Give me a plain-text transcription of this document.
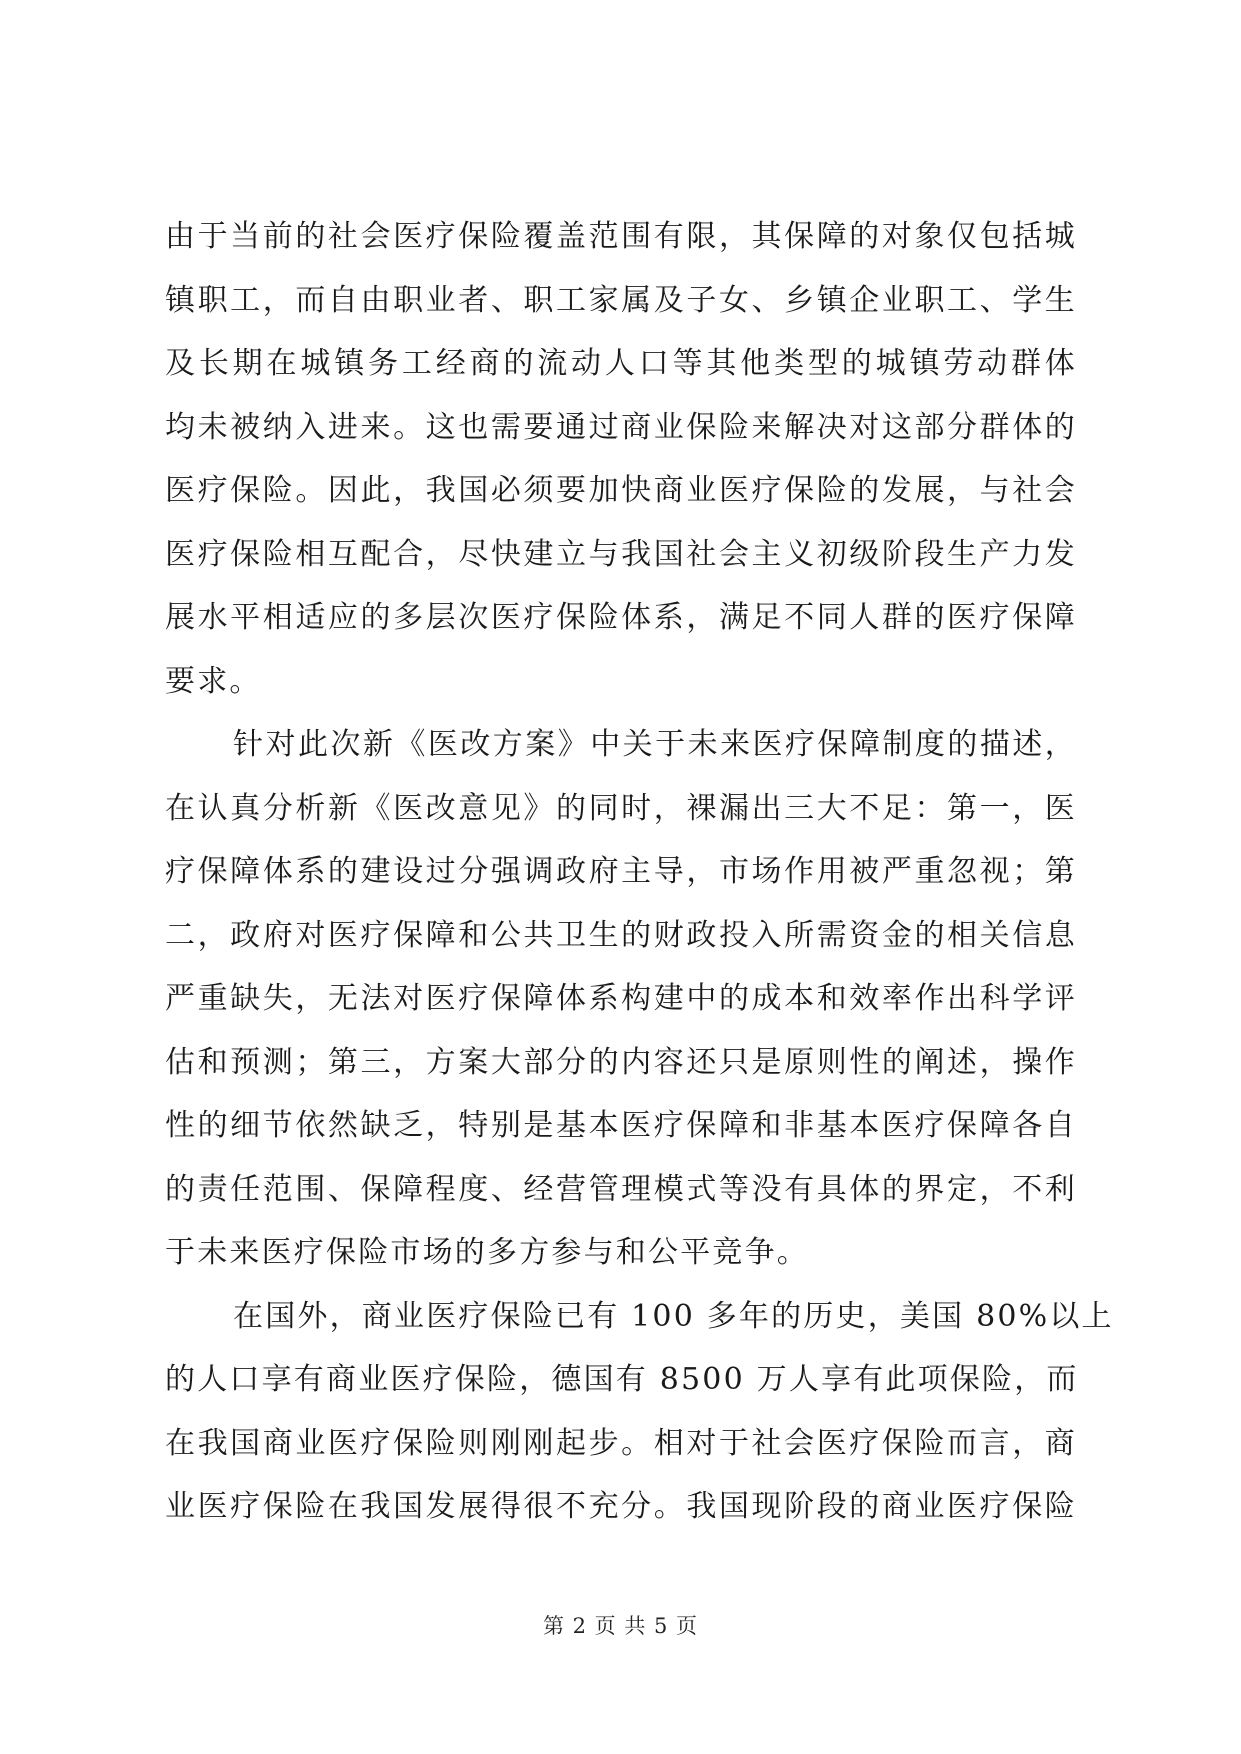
由于当前的社会医疗保险覆盖范围有限，其保障的对象仅包括城
镇职工，而自由职业者、职工家属及子女、乡镇企业职工、学生
及长期在城镇务工经商的流动人口等其他类型的城镇劳动群体
均未被纳入进来。这也需要通过商业保险来解决对这部分群体的
医疗保险。因此，我国必须要加快商业医疗保险的发展，与社会
医疗保险相互配合，尽快建立与我国社会主义初级阶段生产力发
展水平相适应的多层次医疗保险体系，满足不同人群的医疗保障
要求。

针对此次新《医改方案》中关于未来医疗保障制度的描述，
在认真分析新《医改意见》的同时，裸漏出三大不足：第一，医
疗保障体系的建设过分强调政府主导，市场作用被严重忽视；第
二，政府对医疗保障和公共卫生的财政投入所需资金的相关信息
严重缺失，无法对医疗保障体系构建中的成本和效率作出科学评
估和预测；第三，方案大部分的内容还只是原则性的阐述，操作
性的细节依然缺乏，特别是基本医疗保障和非基本医疗保障各自
的责任范围、保障程度、经营管理模式等没有具体的界定，不利
于未来医疗保险市场的多方参与和公平竞争。

在国外，商业医疗保险已有 100 多年的历史，美国 80%以上
的人口享有商业医疗保险，德国有 8500 万人享有此项保险，而
在我国商业医疗保险则刚刚起步。相对于社会医疗保险而言，商
业医疗保险在我国发展得很不充分。我国现阶段的商业医疗保险

第 2 页 共 5 页
